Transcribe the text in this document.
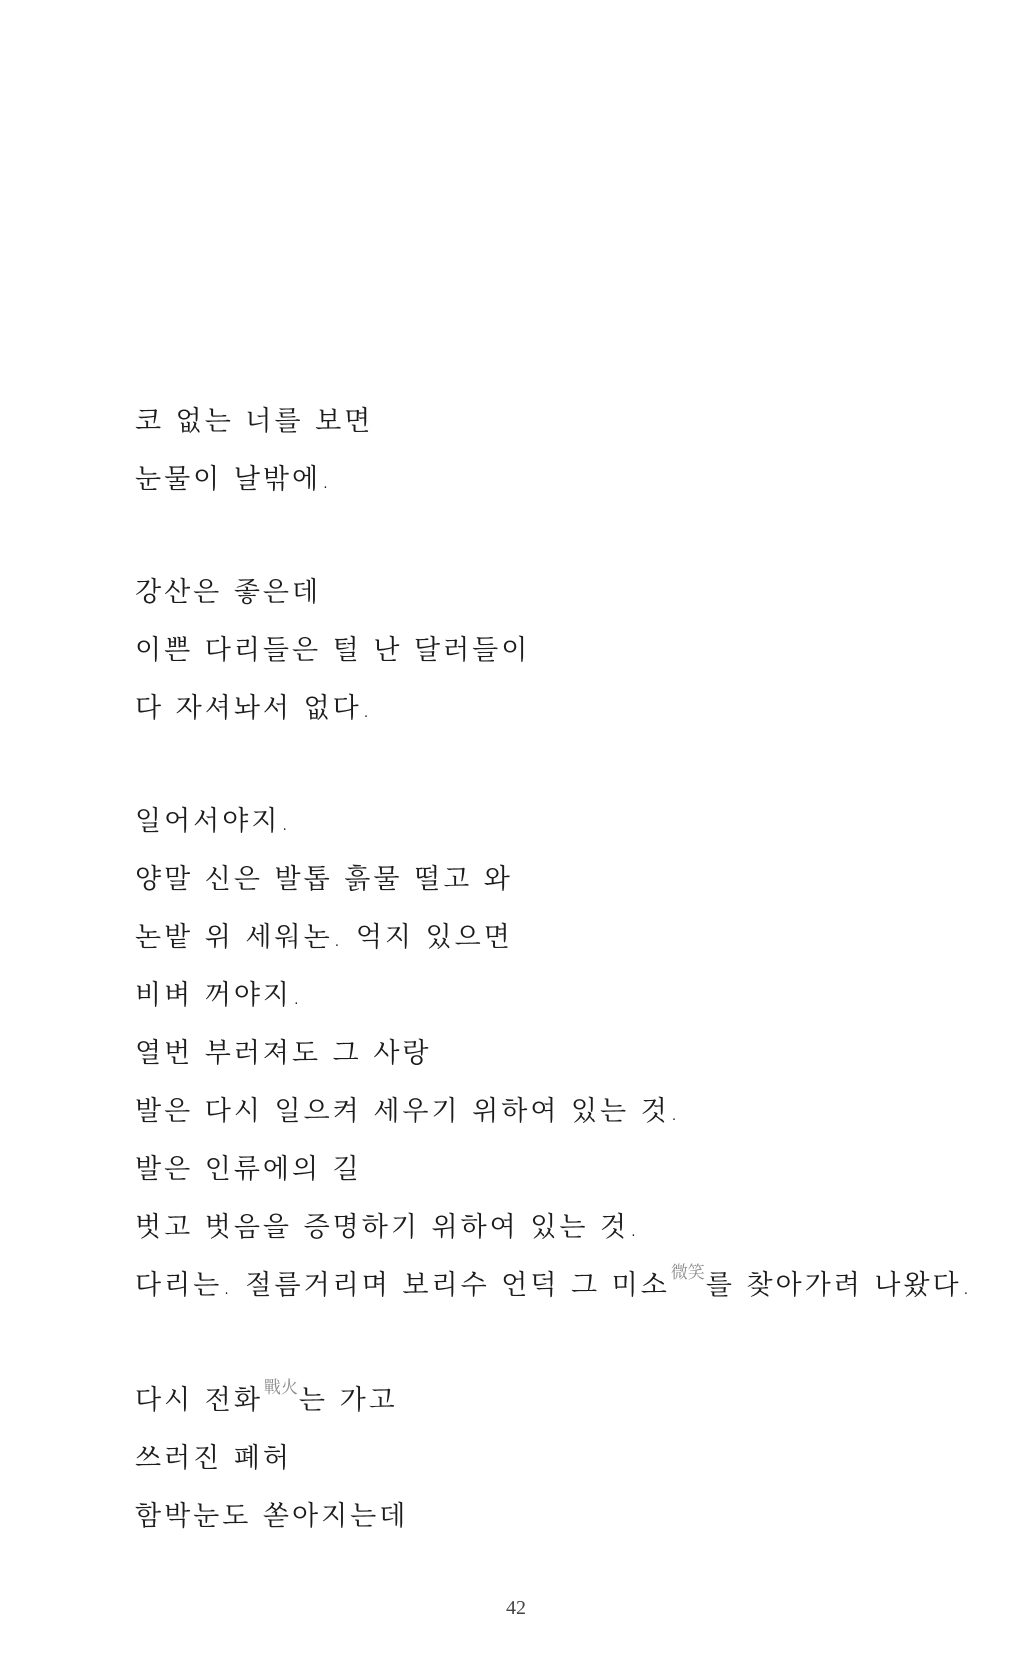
코 없는 너를 보면
눈물이 날밖에.
강산은 좋은데
이쁜 다리들은 털 난 달러들이
다 자셔놔서 없다.
일어서야지.
양말 신은 발톱 흙물 떨고 와
논밭 위 세워논. 억지 있으면
비벼 꺼야지.
열번 부러져도 그 사랑
발은 다시 일으켜 세우기 위하여 있는 것.
발은 인류에의 길
벗고 벗음을 증명하기 위하여 있는 것.
다리는. 절름거리며 보리수 언덕 그 미소$^{微笑}$를 찾아가려 나왔다.
다시 전화$^{戰火}$는 가고
쓰러진 폐허
함박눈도 쏟아지는데
42
